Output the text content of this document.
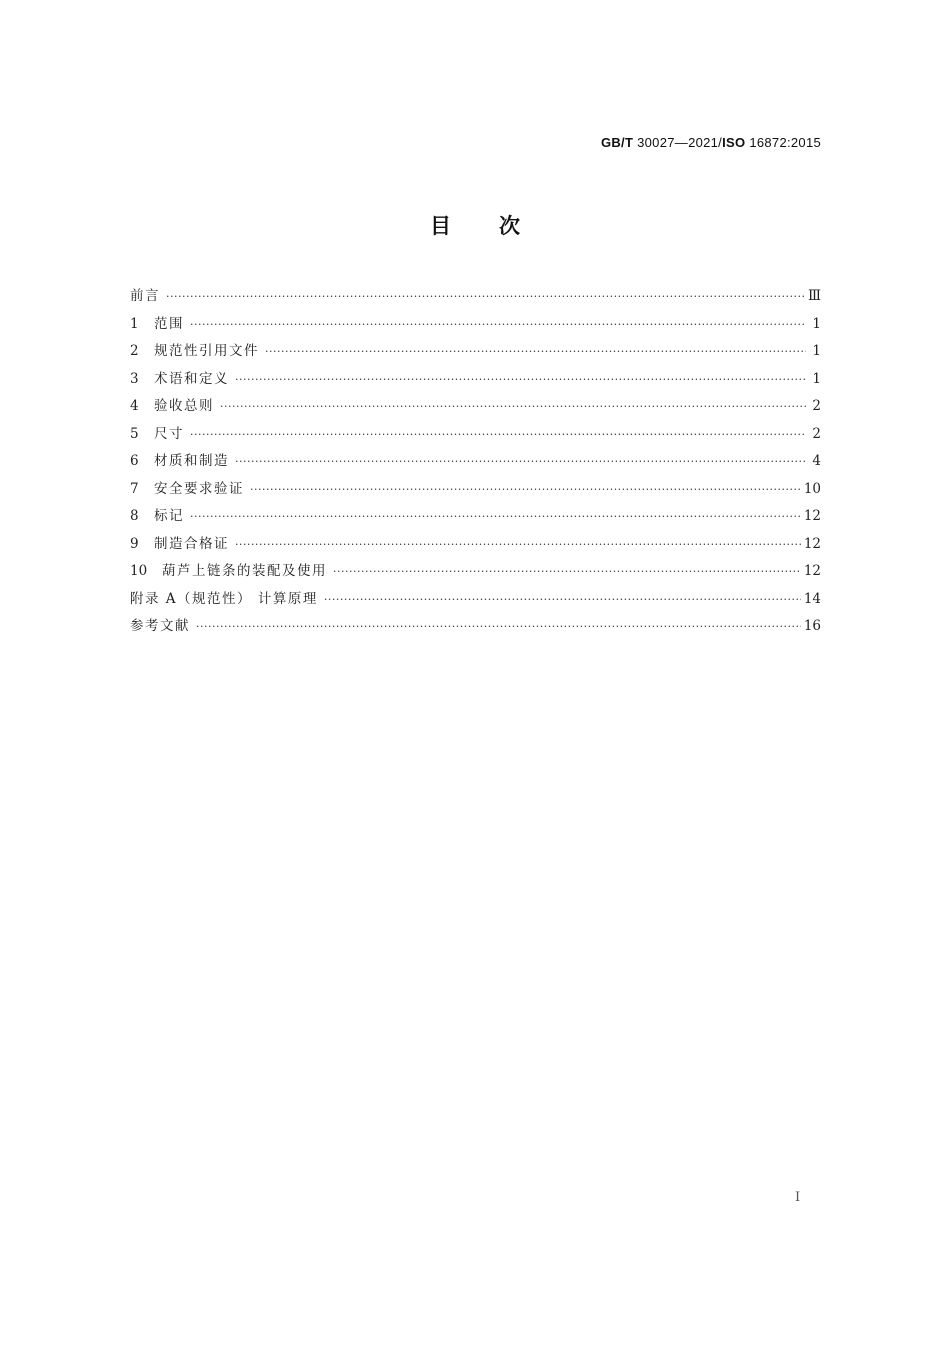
GB/T 30027—2021/ISO 16872:2015
目次
前言 ·····	Ⅲ
1	范围 ·····	1
2	规范性引用文件 ·····	1
3	术语和定义 ·····	1
4	验收总则 ·····	2
5	尺寸 ·····	2
6	材质和制造 ·····	4
7	安全要求验证 ·····	10
8	标记 ·····	12
9	制造合格证 ·····	12
10	葫芦上链条的装配及使用 ·····	12
附录 A（规范性） 计算原理 ·····	14
参考文献 ·····	16
I
